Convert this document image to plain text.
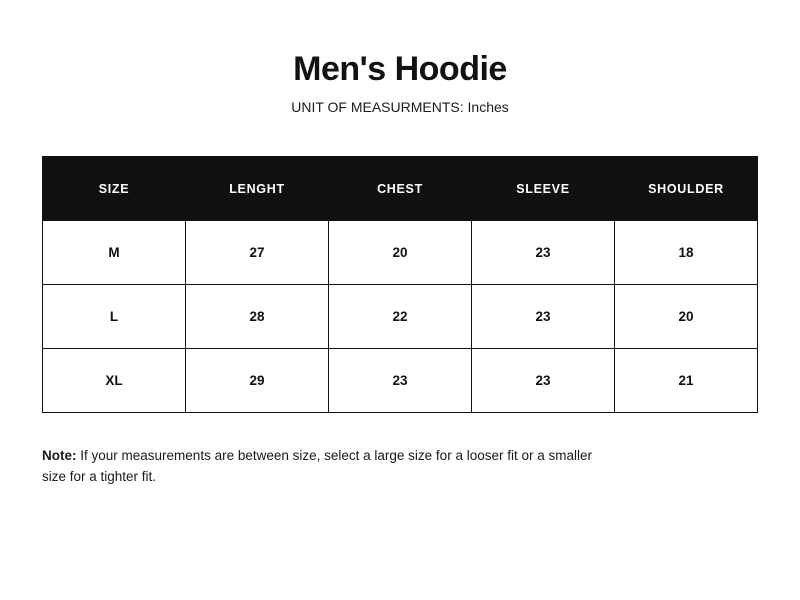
Men's Hoodie

UNIT OF MEASURMENTS: Inches

SIZE	LENGHT	CHEST	SLEEVE	SHOULDER
M	27	20	23	18
L	28	22	23	20
XL	29	23	23	21

Note: If your measurements are between size, select a large size for a looser fit or a smaller size for a tighter fit.
